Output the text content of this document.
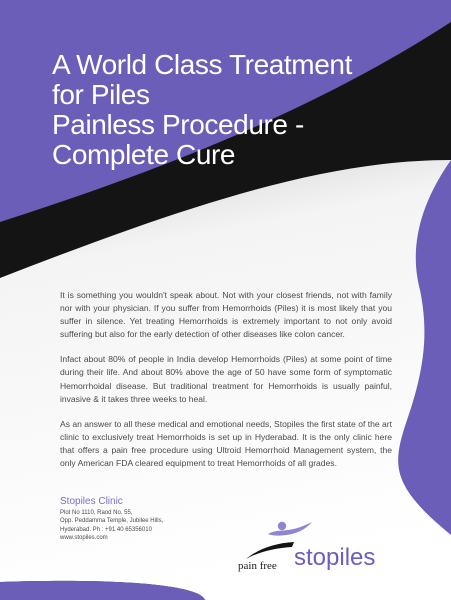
A World Class Treatment
for Piles
Painless Procedure -
Complete Cure

It is something you wouldn't speak about. Not with your closest friends, not with family nor with your physician. If you suffer from Hemorrhoids (Piles) it is most likely that you suffer in silence. Yet treating Hemorrhoids is extremely important to not only avoid suffering but also for the early detection of other diseases like colon cancer.

Infact about 80% of people in India develop Hemorrhoids (Piles) at some point of time during their life. And about 80% above the age of 50 have some form of symptomatic Hemorrhoidal disease. But traditional treatment for Hemorrhoids is usually painful, invasive & it takes three weeks to heal.

As an answer to all these medical and emotional needs, Stopiles the first state of the art clinic to exclusively treat Hemorrhoids is set up in Hyderabad. It is the only clinic here that offers a pain free procedure using Ultroid Hemorrhoid Management system, the only American FDA cleared equipment to treat Hemorrhoids of all grades.

Stopiles Clinic
Plot No 1110, Raod No. 55,
Opp. Peddamma Temple, Jubilee Hills,
Hyderabad. Ph : +91 40 65356010
www.stopiles.com
stopiles
pain free
